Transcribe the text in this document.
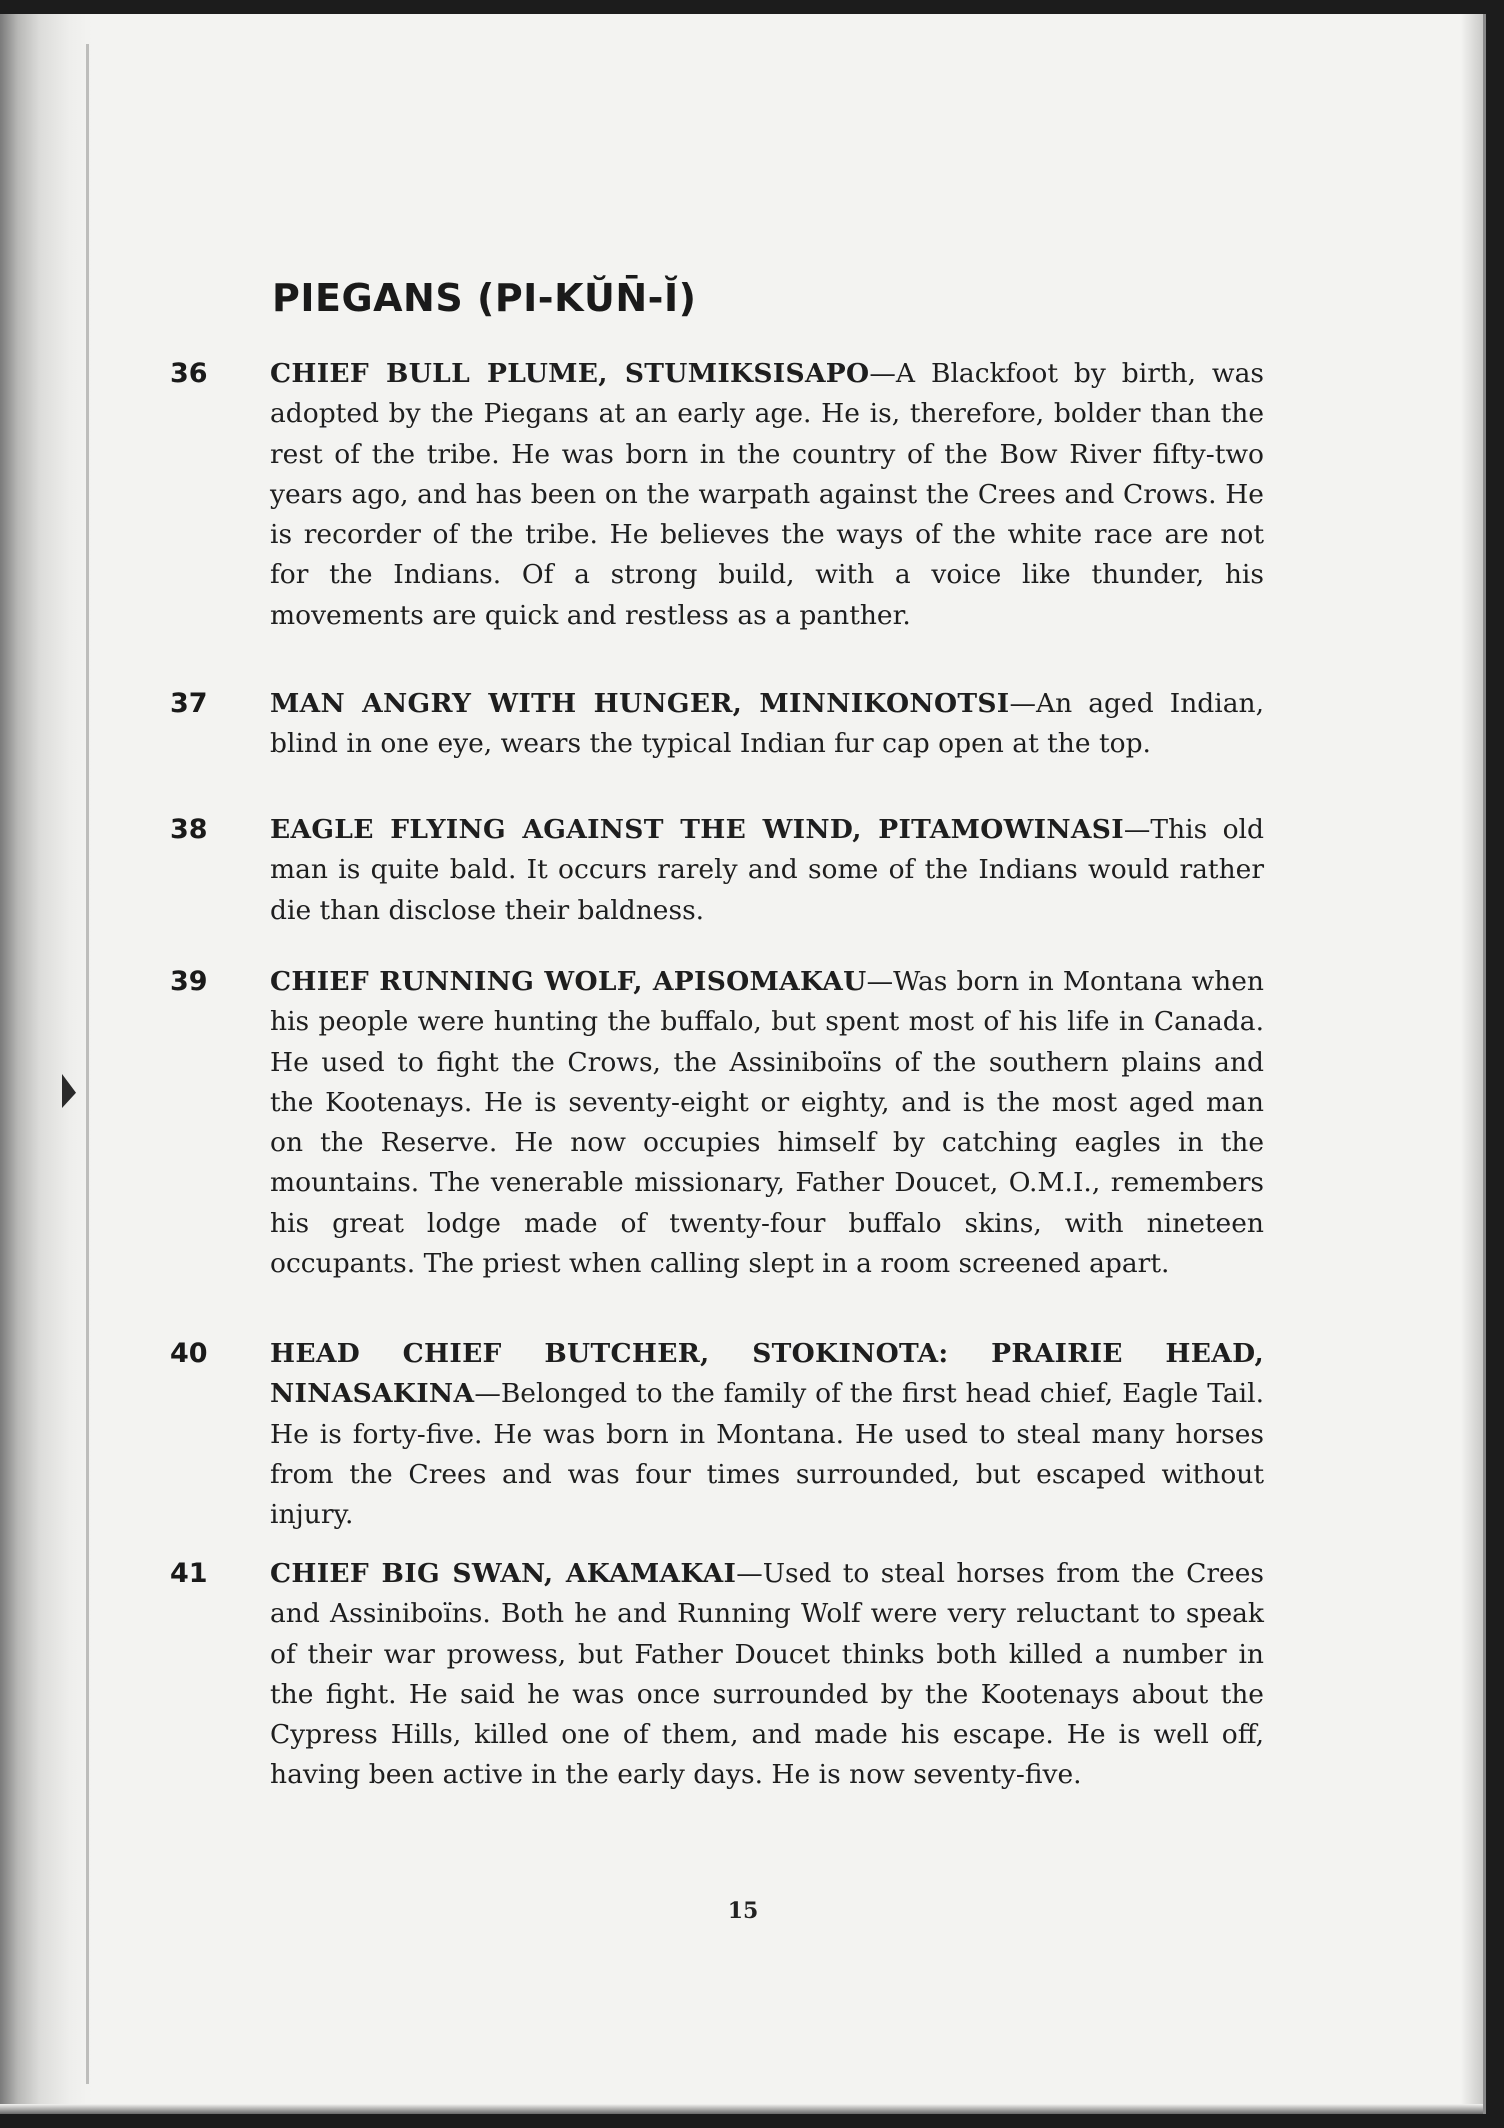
PIEGANS (PI-KŬN̄-Ĭ)
36 CHIEF BULL PLUME, STUMIKSISAPO—A Blackfoot by birth, was adopted by the Piegans at an early age. He is, therefore, bolder than the rest of the tribe. He was born in the country of the Bow River fifty-two years ago, and has been on the warpath against the Crees and Crows. He is recorder of the tribe. He believes the ways of the white race are not for the Indians. Of a strong build, with a voice like thunder, his movements are quick and restless as a panther.
37 MAN ANGRY WITH HUNGER, MINNIKONOTSI—An aged Indian, blind in one eye, wears the typical Indian fur cap open at the top.
38 EAGLE FLYING AGAINST THE WIND, PITAMOWINASI—This old man is quite bald. It occurs rarely and some of the Indians would rather die than disclose their baldness.
39 CHIEF RUNNING WOLF, APISOMAKAU—Was born in Montana when his people were hunting the buffalo, but spent most of his life in Canada. He used to fight the Crows, the Assiniboïns of the southern plains and the Kootenays. He is seventy-eight or eighty, and is the most aged man on the Reserve. He now occupies himself by catching eagles in the mountains. The venerable missionary, Father Doucet, O.M.I., remembers his great lodge made of twenty-four buffalo skins, with nineteen occupants. The priest when calling slept in a room screened apart.
40 HEAD CHIEF BUTCHER, STOKINOTA: PRAIRIE HEAD, NINASAKINA—Belonged to the family of the first head chief, Eagle Tail. He is forty-five. He was born in Montana. He used to steal many horses from the Crees and was four times surrounded, but escaped without injury.
41 CHIEF BIG SWAN, AKAMAKAI—Used to steal horses from the Crees and Assiniboïns. Both he and Running Wolf were very reluctant to speak of their war prowess, but Father Doucet thinks both killed a number in the fight. He said he was once surrounded by the Kootenays about the Cypress Hills, killed one of them, and made his escape. He is well off, having been active in the early days. He is now seventy-five.
15
